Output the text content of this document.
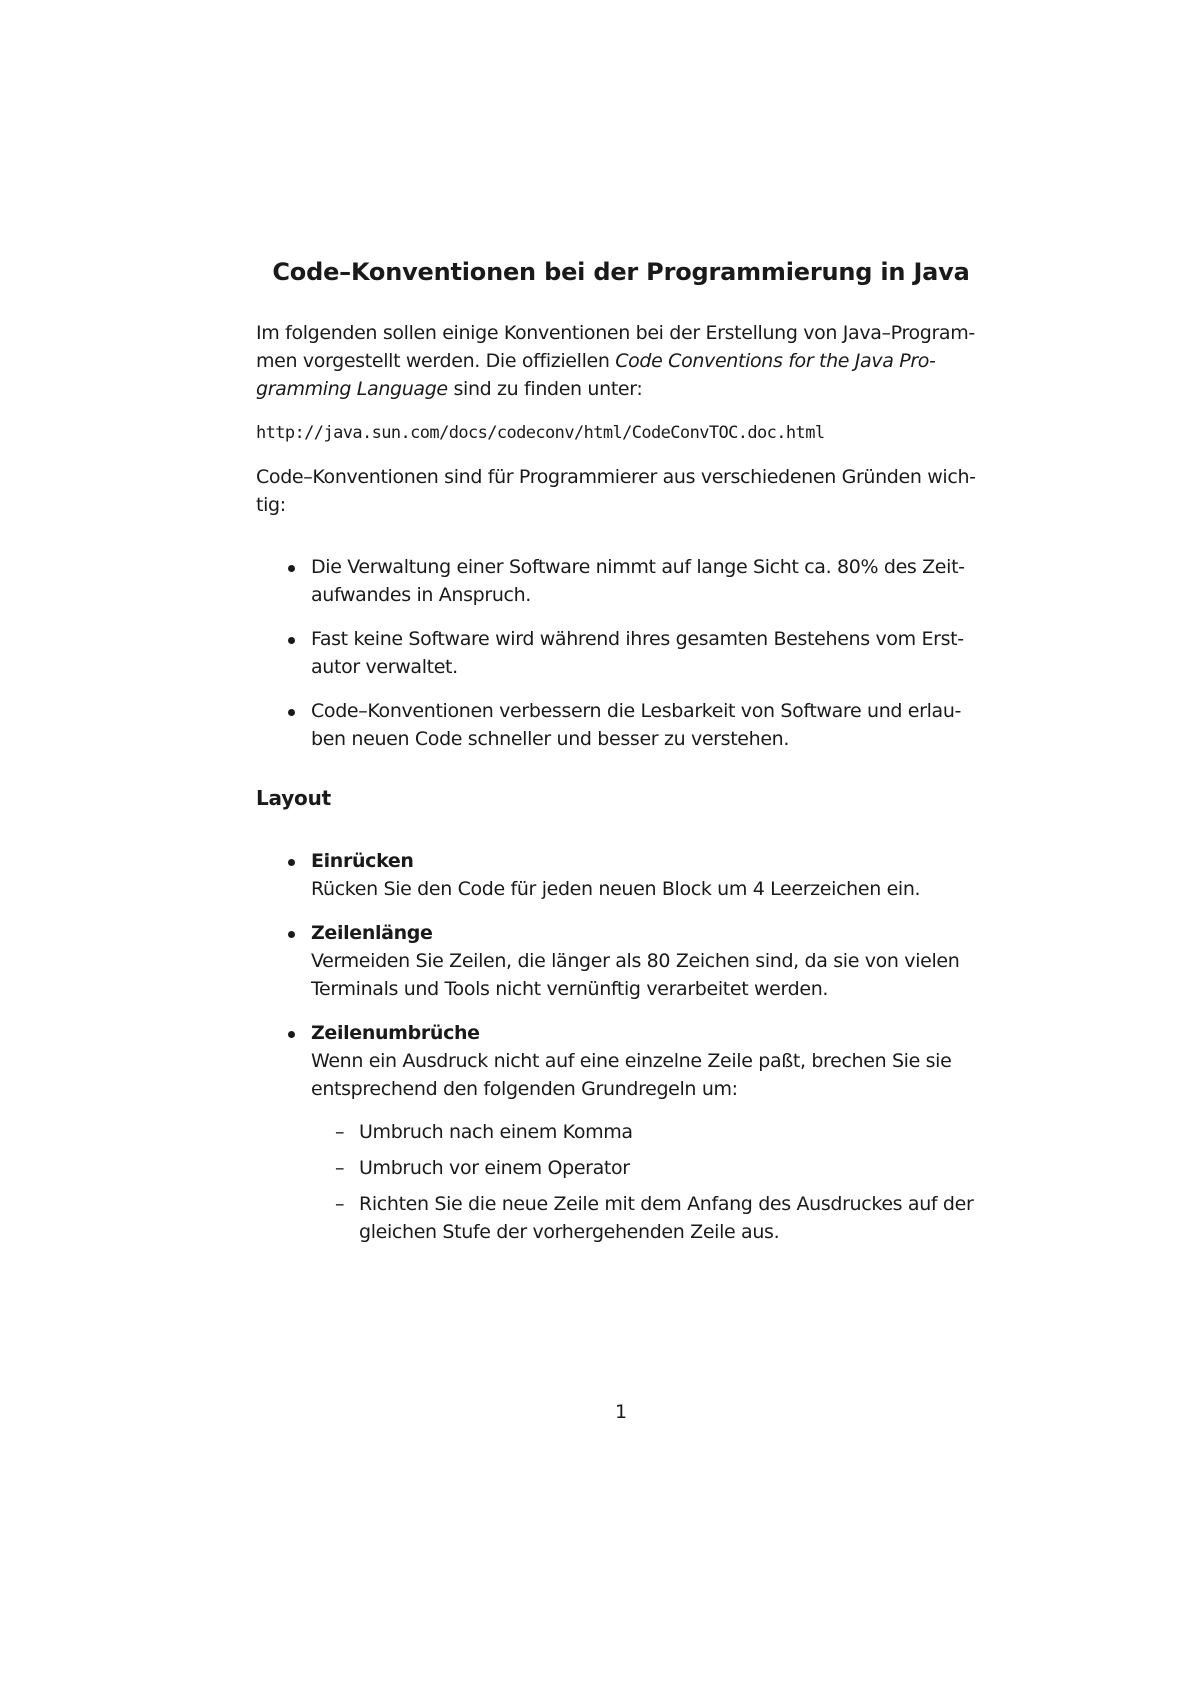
Code–Konventionen bei der Programmierung in Java
Im folgenden sollen einige Konventionen bei der Erstellung von Java–Program-
men vorgestellt werden. Die offiziellen Code Conventions for the Java Pro-
gramming Language sind zu finden unter:
http://java.sun.com/docs/codeconv/html/CodeConvTOC.doc.html
Code–Konventionen sind für Programmierer aus verschiedenen Gründen wich-
tig:
Die Verwaltung einer Software nimmt auf lange Sicht ca. 80% des Zeit-
aufwandes in Anspruch.
Fast keine Software wird während ihres gesamten Bestehens vom Erst-
autor verwaltet.
Code–Konventionen verbessern die Lesbarkeit von Software und erlau-
ben neuen Code schneller und besser zu verstehen.
Layout
Einrücken
Rücken Sie den Code für jeden neuen Block um 4 Leerzeichen ein.
Zeilenlänge
Vermeiden Sie Zeilen, die länger als 80 Zeichen sind, da sie von vielen
Terminals und Tools nicht vernünftig verarbeitet werden.
Zeilenumbrüche
Wenn ein Ausdruck nicht auf eine einzelne Zeile paßt, brechen Sie sie
entsprechend den folgenden Grundregeln um:
– Umbruch nach einem Komma
– Umbruch vor einem Operator
– Richten Sie die neue Zeile mit dem Anfang des Ausdruckes auf der
gleichen Stufe der vorhergehenden Zeile aus.
1
